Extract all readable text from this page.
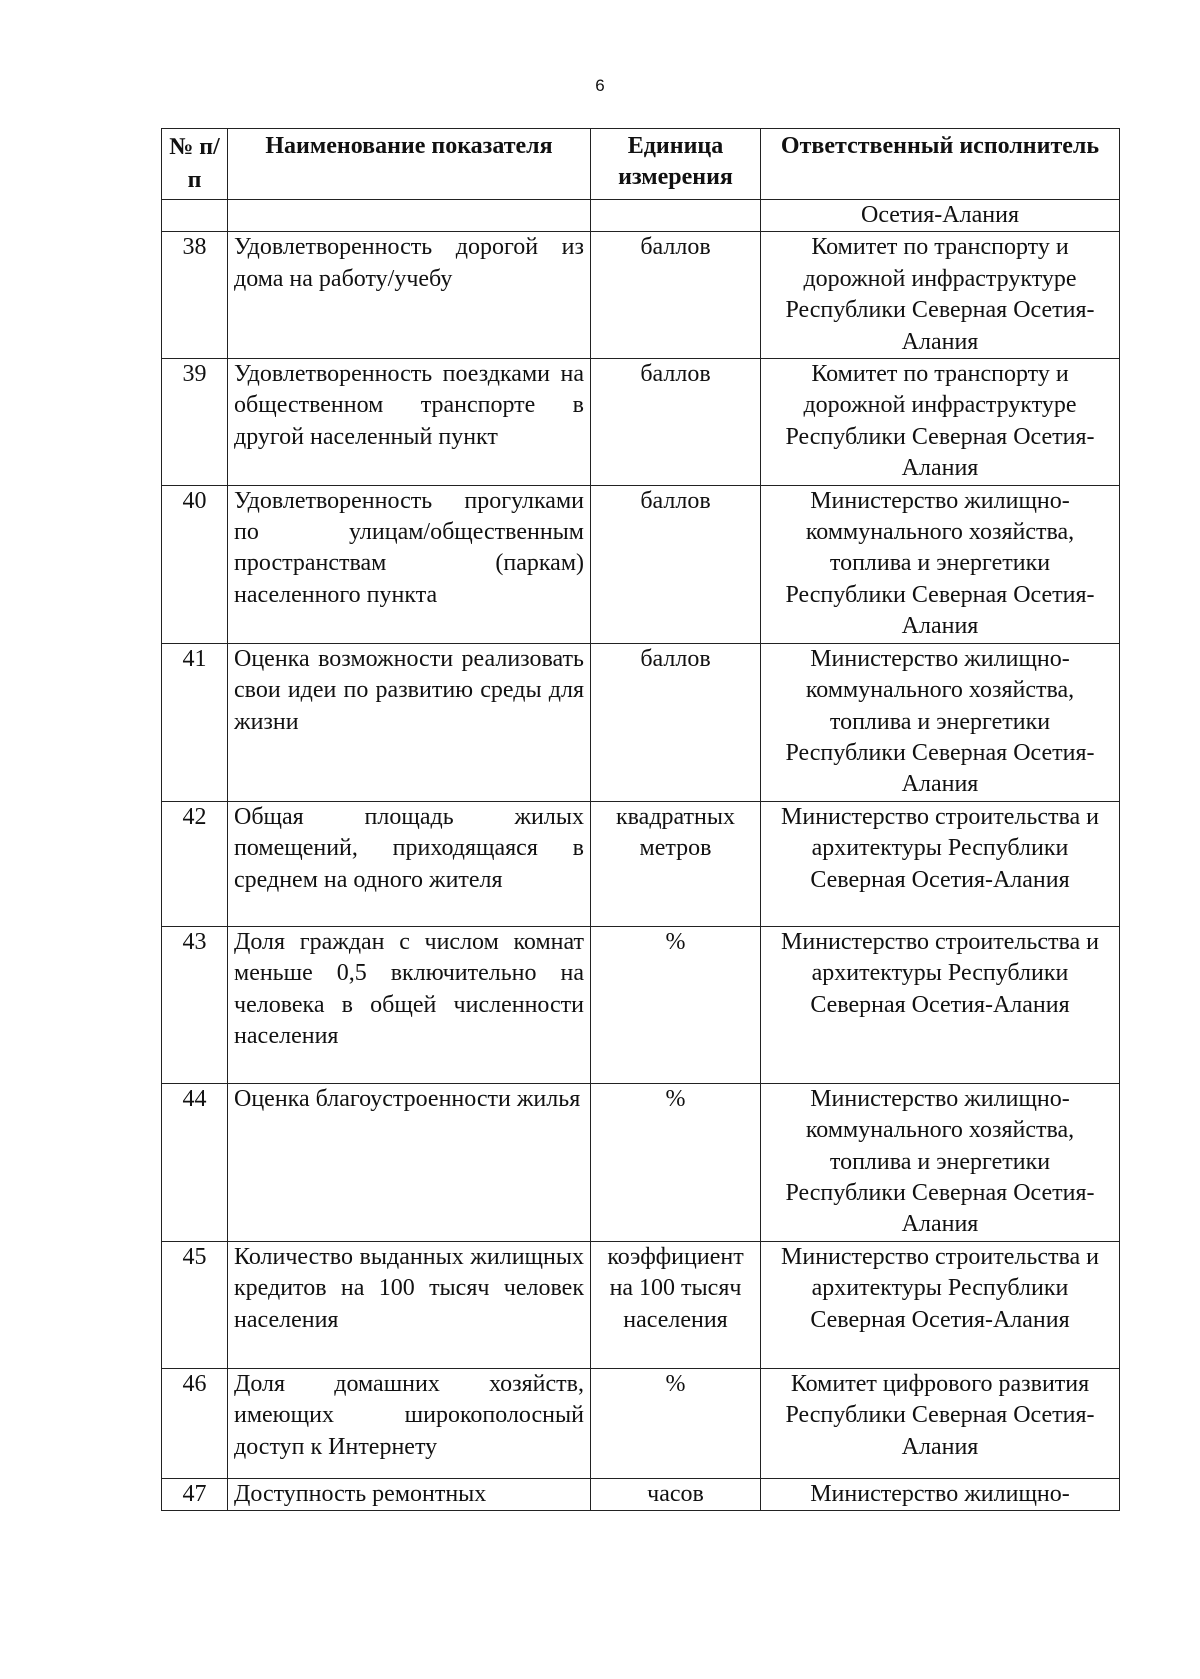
6
№ п/п	Наименование показателя	Единица измерения	Ответственный исполнитель
			Осетия-Алания
38	Удовлетворенность дорогой из дома на работу/учебу	баллов	Комитет по транспорту и дорожной инфраструктуре Республики Северная Осетия-Алания
39	Удовлетворенность поездками на общественном транспорте в другой населенный пункт	баллов	Комитет по транспорту и дорожной инфраструктуре Республики Северная Осетия-Алания
40	Удовлетворенность прогулками по улицам/общественным пространствам (паркам) населенного пункта	баллов	Министерство жилищно-коммунального хозяйства, топлива и энергетики Республики Северная Осетия-Алания
41	Оценка возможности реализовать свои идеи по развитию среды для жизни	баллов	Министерство жилищно-коммунального хозяйства, топлива и энергетики Республики Северная Осетия-Алания
42	Общая площадь жилых помещений, приходящаяся в среднем на одного жителя	квадратных метров	Министерство строительства и архитектуры Республики Северная Осетия-Алания
43	Доля граждан с числом комнат меньше 0,5 включительно на человека в общей численности населения	%	Министерство строительства и архитектуры Республики Северная Осетия-Алания
44	Оценка благоустроенности жилья	%	Министерство жилищно-коммунального хозяйства, топлива и энергетики Республики Северная Осетия-Алания
45	Количество выданных жилищных кредитов на 100 тысяч человек населения	коэффициент на 100 тысяч населения	Министерство строительства и архитектуры Республики Северная Осетия-Алания
46	Доля домашних хозяйств, имеющих широкополосный доступ к Интернету	%	Комитет цифрового развития Республики Северная Осетия-Алания
47	Доступность ремонтных	часов	Министерство жилищно-
